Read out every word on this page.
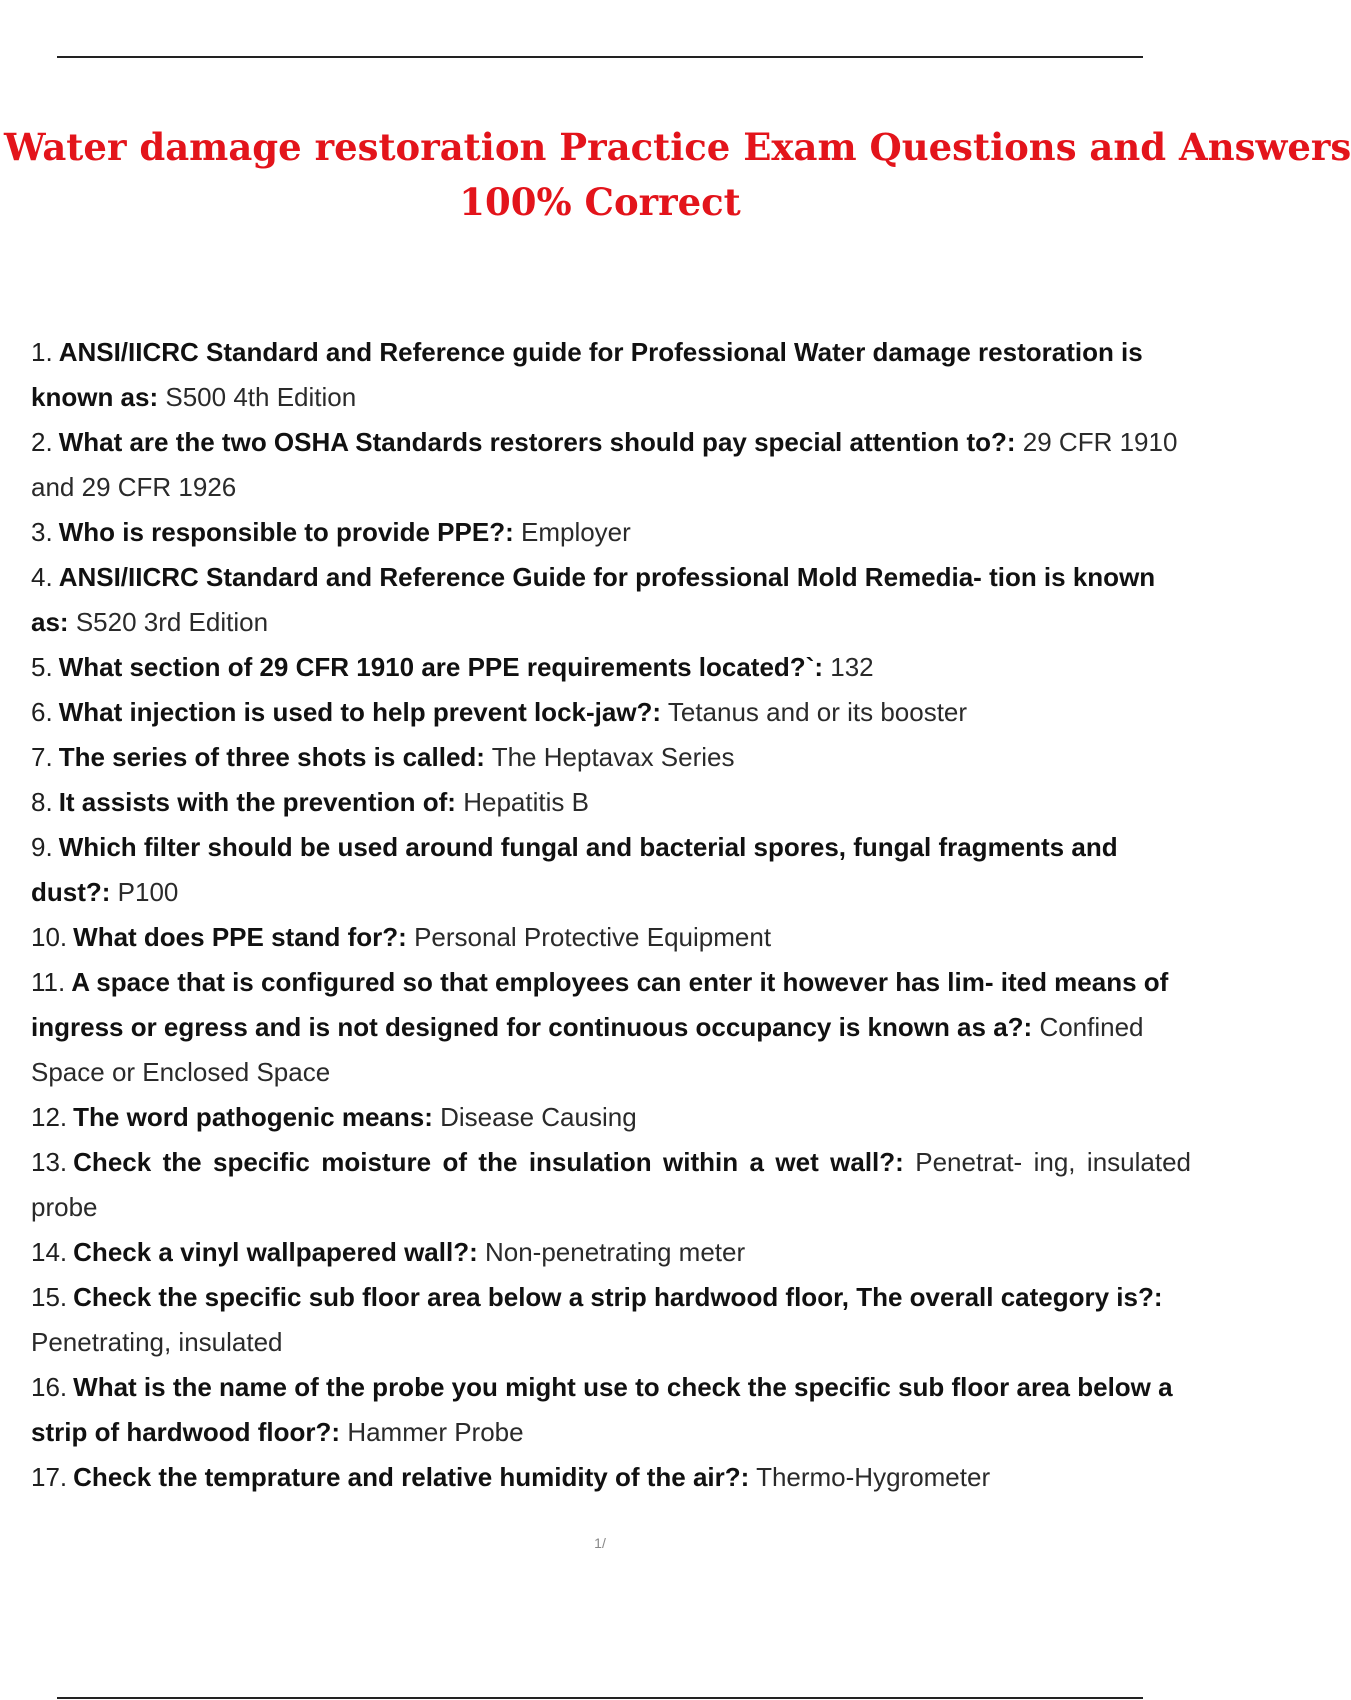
Water damage restoration Practice Exam Questions and Answers
100% Correct
1. ANSI/IICRC Standard and Reference guide for Professional Water damage restoration is known as: S500 4th Edition
2. What are the two OSHA Standards restorers should pay special attention to?: 29 CFR 1910 and 29 CFR 1926
3. Who is responsible to provide PPE?: Employer
4. ANSI/IICRC Standard and Reference Guide for professional Mold Remedia- tion is known as: S520 3rd Edition
5. What section of 29 CFR 1910 are PPE requirements located?`: 132
6. What injection is used to help prevent lock-jaw?: Tetanus and or its booster
7. The series of three shots is called: The Heptavax Series
8. It assists with the prevention of: Hepatitis B
9. Which filter should be used around fungal and bacterial spores, fungal fragments and dust?: P100
10. What does PPE stand for?: Personal Protective Equipment
11. A space that is configured so that employees can enter it however has lim- ited means of ingress or egress and is not designed for continuous occupancy is known as a?: Confined Space or Enclosed Space
12. The word pathogenic means: Disease Causing
13. Check the specific moisture of the insulation within a wet wall?: Penetrat- ing, insulated probe
14. Check a vinyl wallpapered wall?: Non-penetrating meter
15. Check the specific sub floor area below a strip hardwood floor, The overall category is?: Penetrating, insulated
16. What is the name of the probe you might use to check the specific sub floor area below a strip of hardwood floor?: Hammer Probe
17. Check the temprature and relative humidity of the air?: Thermo-Hygrometer
1/
